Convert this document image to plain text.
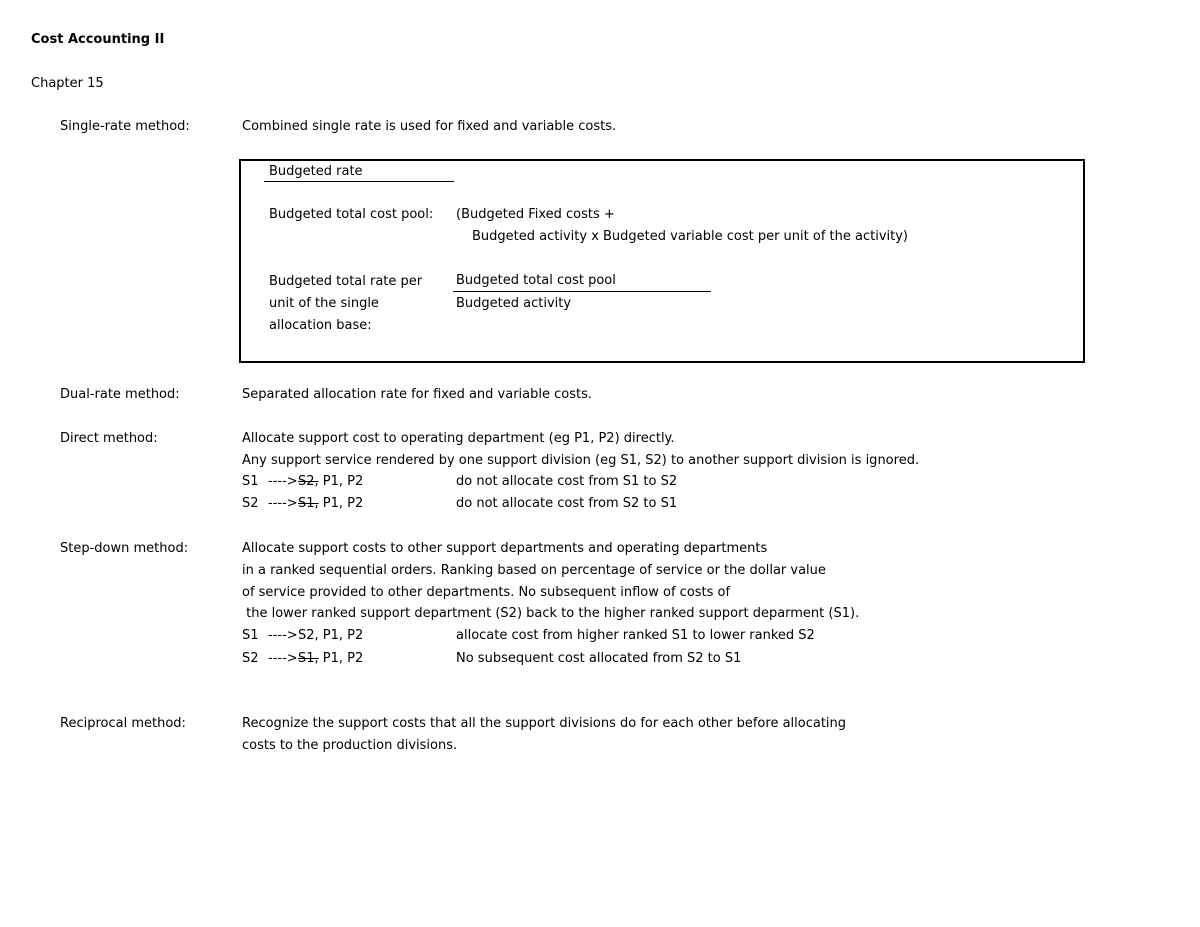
Cost Accounting II
Chapter 15
Single-rate method:	Combined single rate is used for fixed and variable costs.
Budgeted rate
Budgeted total cost pool: (Budgeted Fixed costs +
Budgeted activity x Budgeted variable cost per unit of the activity)
Budgeted total rate per
unit of the single
allocation base:
Budgeted total cost pool
Budgeted activity
Dual-rate method:	Separated allocation rate for fixed and variable costs.
Direct method:	Allocate support cost to operating department (eg P1, P2) directly.
Any support service rendered by one support division (eg S1, S2) to another support division is ignored.
S1 ----> S2, P1, P2	do not allocate cost from S1 to S2
S2 ----> S1, P1, P2	do not allocate cost from S2 to S1
Step-down method:	Allocate support costs to other support departments and operating departments
in a ranked sequential orders. Ranking based on percentage of service or the dollar value
of service provided to other departments. No subsequent inflow of costs of
the lower ranked support department (S2) back to the higher ranked support deparment (S1).
S1 ----> S2, P1, P2	allocate cost from higher ranked S1 to lower ranked S2
S2 ----> S1, P1, P2	No subsequent cost allocated from S2 to S1
Reciprocal method:	Recognize the support costs that all the support divisions do for each other before allocating
costs to the production divisions.
